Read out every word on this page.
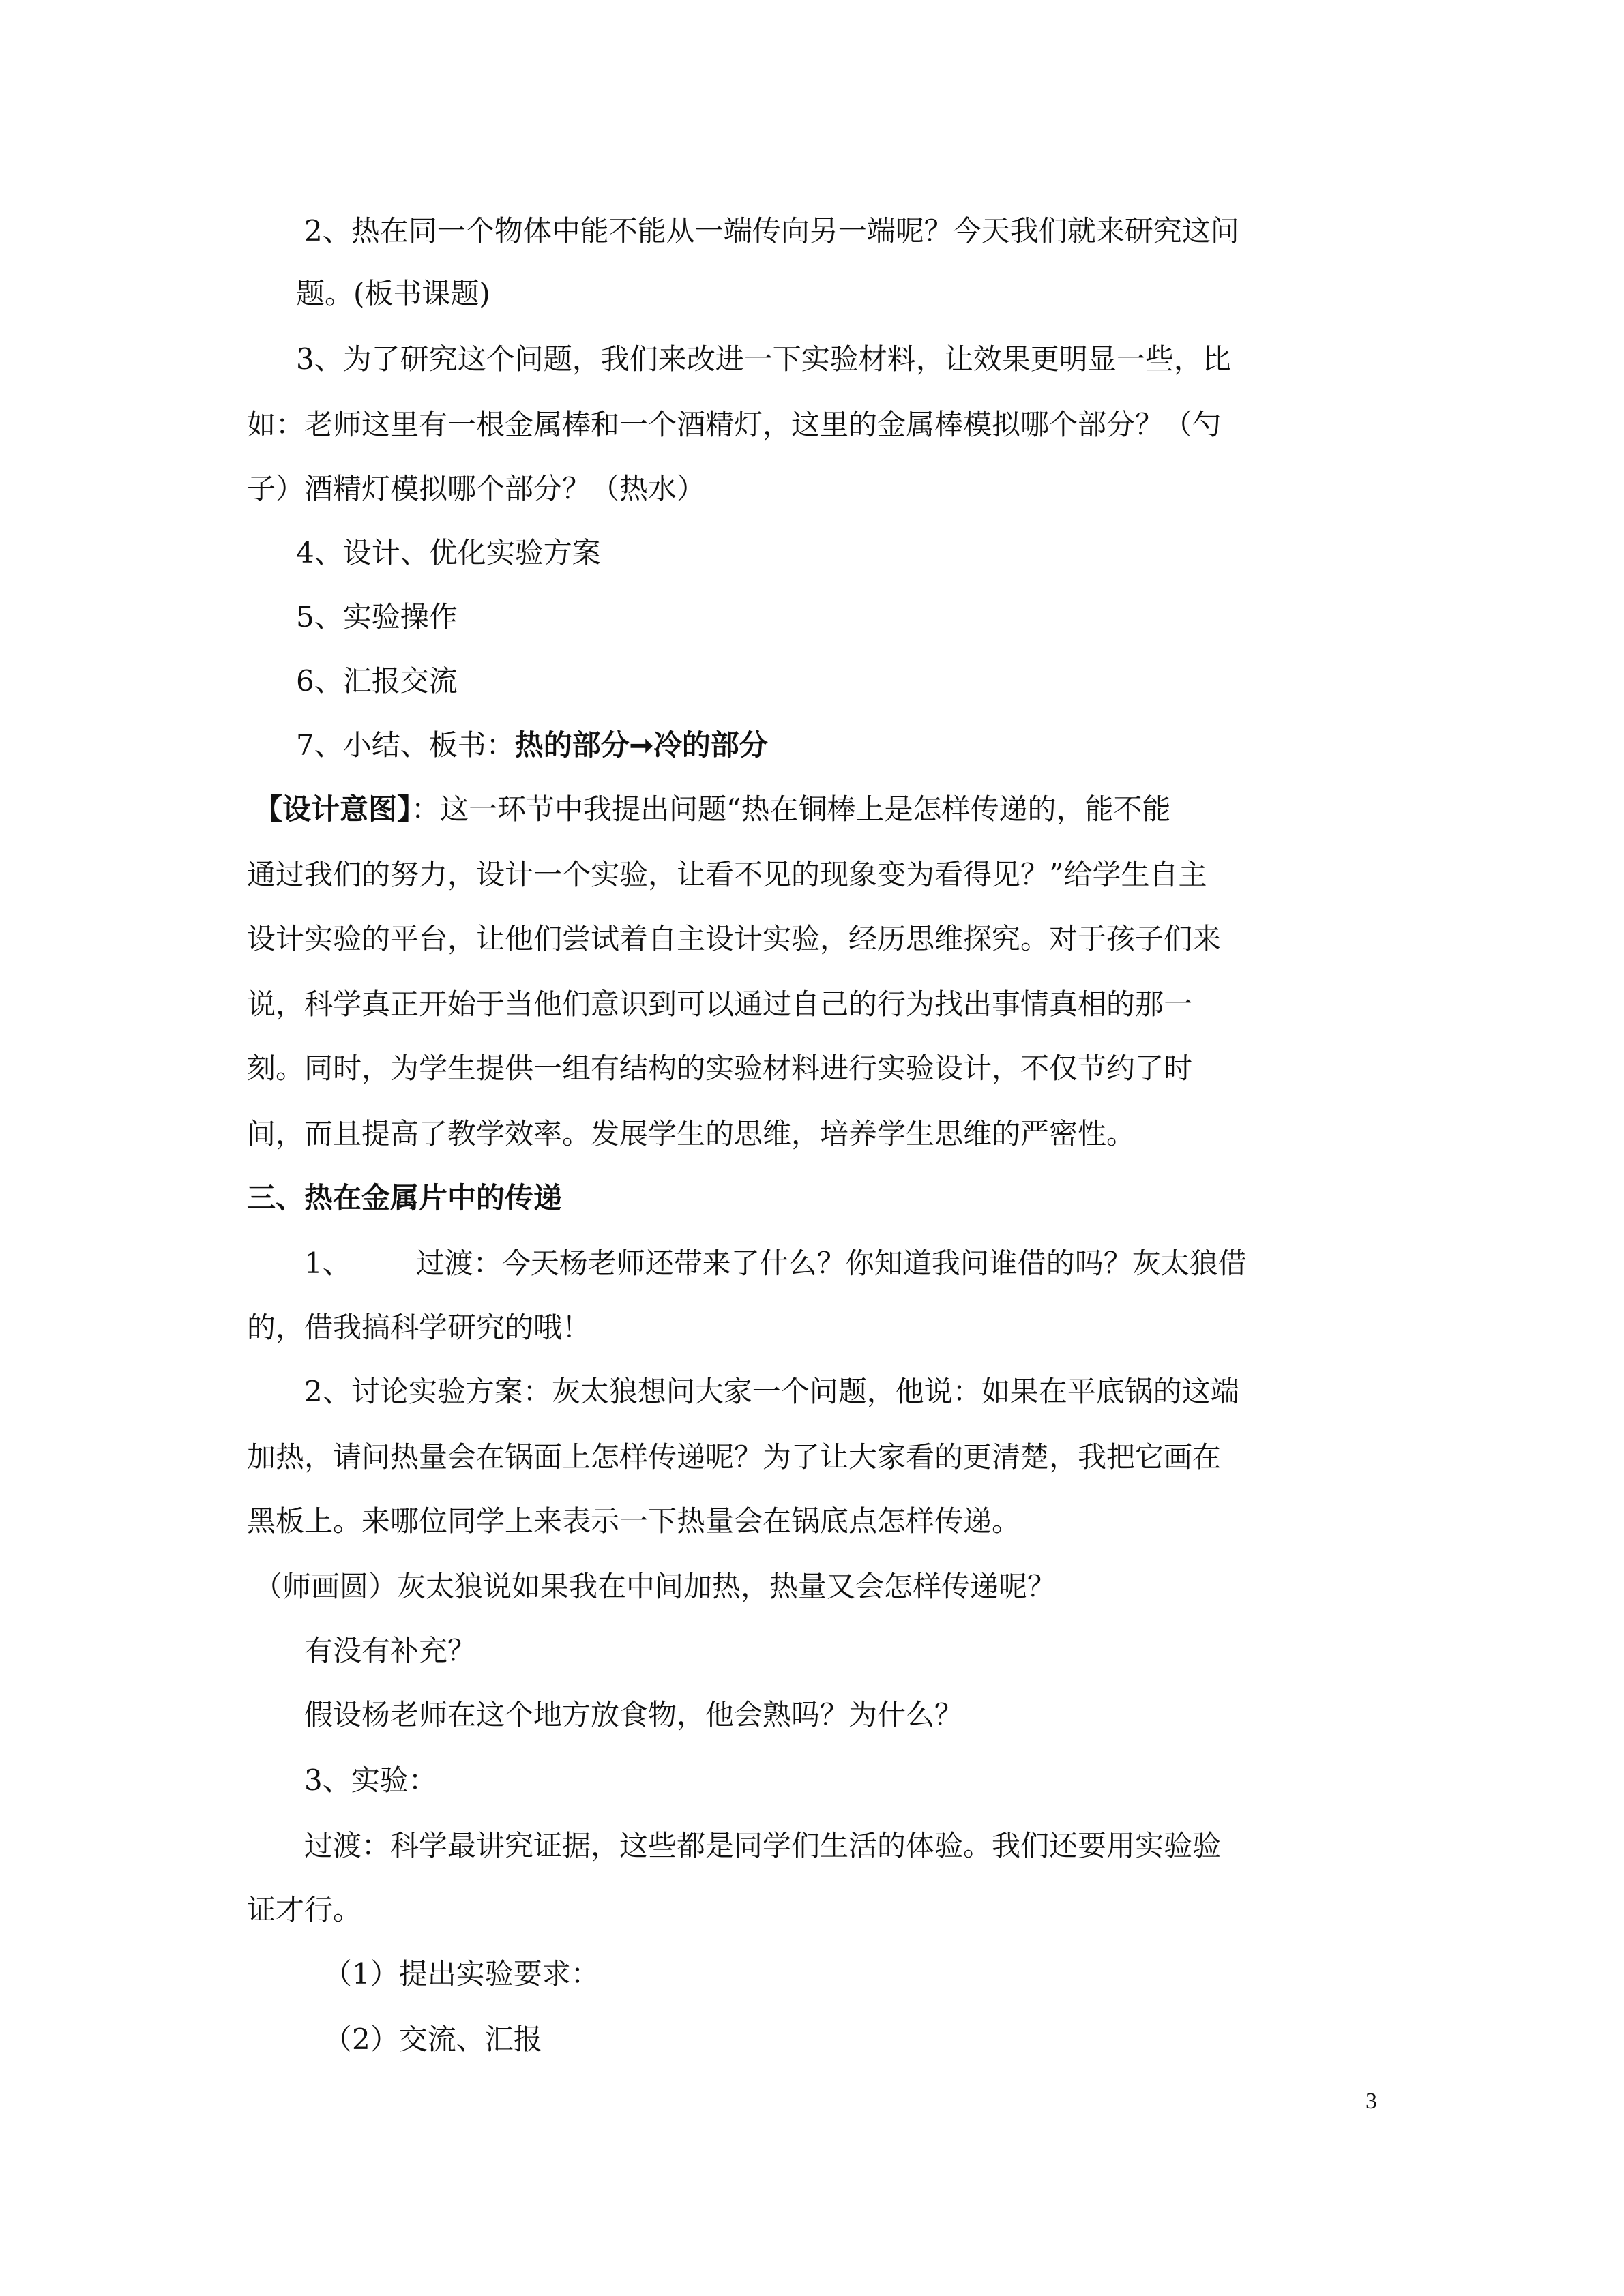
2、热在同一个物体中能不能从一端传向另一端呢？今天我们就来研究这问

题。(板书课题)

3、为了研究这个问题，我们来改进一下实验材料，让效果更明显一些，比

如：老师这里有一根金属棒和一个酒精灯，这里的金属棒模拟哪个部分？（勺

子）酒精灯模拟哪个部分？（热水）

4、设计、优化实验方案

5、实验操作

6、汇报交流

7、小结、板书：热的部分➞冷的部分

【设计意图】：这一环节中我提出问题“热在铜棒上是怎样传递的，能不能

通过我们的努力，设计一个实验，让看不见的现象变为看得见？”给学生自主

设计实验的平台，让他们尝试着自主设计实验，经历思维探究。对于孩子们来

说，科学真正开始于当他们意识到可以通过自己的行为找出事情真相的那一

刻。同时，为学生提供一组有结构的实验材料进行实验设计，不仅节约了时

间，而且提高了教学效率。发展学生的思维，培养学生思维的严密性。

三、热在金属片中的传递

1、 过渡：今天杨老师还带来了什么？你知道我问谁借的吗？灰太狼借

的，借我搞科学研究的哦！

2、讨论实验方案：灰太狼想问大家一个问题，他说：如果在平底锅的这端

加热，请问热量会在锅面上怎样传递呢？为了让大家看的更清楚，我把它画在

黑板上。来哪位同学上来表示一下热量会在锅底点怎样传递。

（师画圆）灰太狼说如果我在中间加热，热量又会怎样传递呢？

有没有补充？

假设杨老师在这个地方放食物，他会熟吗？为什么？

3、实验：

过渡：科学最讲究证据，这些都是同学们生活的体验。我们还要用实验验

证才行。

（1）提出实验要求：

（2）交流、汇报

3
